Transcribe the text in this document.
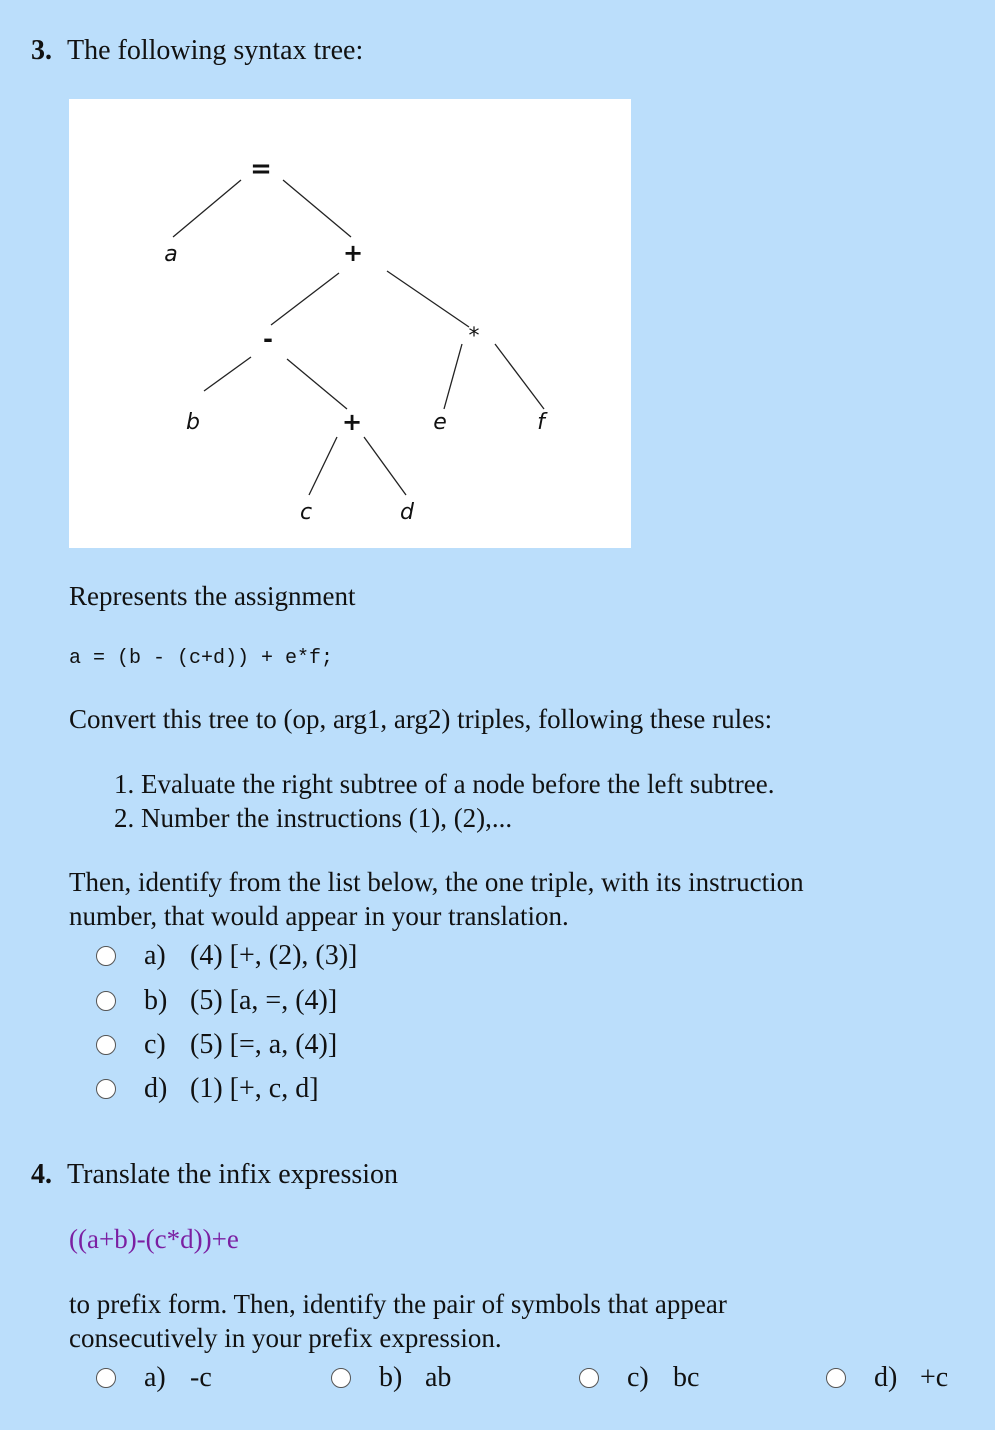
3. The following syntax tree:
=
a	+
-	*
b	+	e	f
c	d
Represents the assignment
a = (b - (c+d)) + e*f;
Convert this tree to (op, arg1, arg2) triples, following these rules:
1. Evaluate the right subtree of a node before the left subtree.
2. Number the instructions (1), (2),...
Then, identify from the list below, the one triple, with its instruction
number, that would appear in your translation.
a) (4) [+, (2), (3)]
b) (5) [a, =, (4)]
c) (5) [=, a, (4)]
d) (1) [+, c, d]
4. Translate the infix expression
((a+b)-(c*d))+e
to prefix form. Then, identify the pair of symbols that appear
consecutively in your prefix expression.
a) -c	b) ab	c) bc	d) +c
